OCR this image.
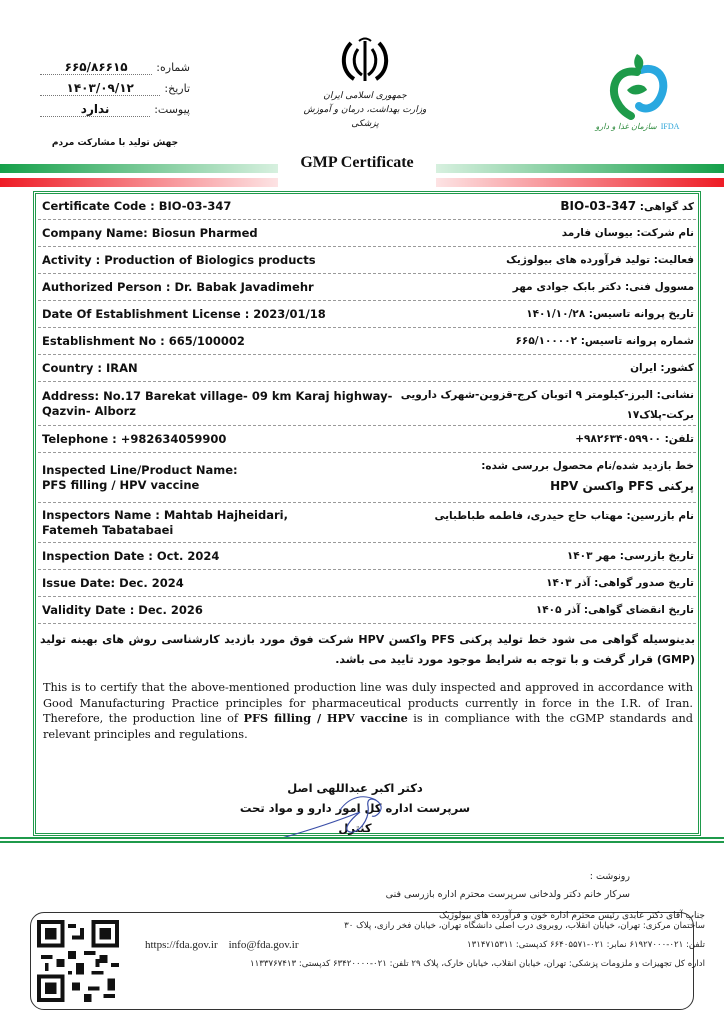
شماره:
۶۶۵/۸۶۶۱۵
تاریخ:
۱۴۰۳/۰۹/۱۲
پیوست:
ندارد
جهش تولید با مشارکت مردم
جمهوری اسلامی ایران
وزارت بهداشت، درمان و آموزش پزشکی	سازمان غذا و دارو IFDA
GMP Certificate
Certificate Code : BIO-03-347	کد گواهی: BIO-03-347
Company Name: Biosun Pharmed	نام شرکت: بیوسان فارمد
Activity : Production of Biologics products	فعالیت: تولید فرآورده های بیولوژیک
Authorized Person : Dr. Babak Javadimehr	مسوول فنی: دکتر بابک جوادی مهر
Date Of Establishment License : 2023/01/18	تاریخ پروانه تاسیس: ۱۴۰۱/۱۰/۲۸
Establishment No : 665/100002	شماره پروانه تاسیس: ۶۶۵/۱۰۰۰۰۲
Country : IRAN	کشور: ایران
Address: No.17 Barekat village- 09 km Karaj highway-
Qazvin- Alborz
نشانی: البرز-کیلومتر ۹ اتوبان کرج-قزوین-شهرک دارویی
برکت-پلاک۱۷
Telephone : +982634059900	تلفن: +۹۸۲۶۳۴۰۵۹۹۰۰
Inspected Line/Product Name:
PFS filling / HPV vaccine
خط بازدید شده/نام محصول بررسی شده:
پرکنی PFS واکسن HPV
Inspectors Name : Mahtab Hajheidari,
Fatemeh Tabatabaei
نام بازرسین: مهتاب حاج حیدری، فاطمه طباطبایی
Inspection Date : Oct. 2024	تاریخ بازرسی: مهر ۱۴۰۳
Issue Date: Dec. 2024	تاریخ صدور گواهی: آذر ۱۴۰۳
Validity Date : Dec. 2026	تاریخ انقضای گواهی: آذر ۱۴۰۵
بدینوسیله گواهی می شود خط تولید پرکنی PFS واکسن HPV شرکت فوق مورد بازدید کارشناسی روش های بهینه تولید (GMP) قرار گرفت و با توجه به شرایط موجود مورد تایید می باشد.
This is to certify that the above-mentioned production line was duly inspected and approved in accordance with Good Manufacturing Practice principles for pharmaceutical products currently in force in the I.R. of Iran. Therefore, the production line of PFS filling / HPV vaccine is in compliance with the cGMP standards and relevant principles and regulations.
دکتر اکبر عبداللهی اصل
سرپرست اداره کل امور دارو و مواد تحت کنترل
رونوشت :
سرکار خانم دکتر ولدخانی سرپرست محترم اداره بازرسی فنی
جناب آقای دکتر عابدی رئیس محترم اداره خون و فرآورده های بیولوژیک
ساختمان مرکزی: تهران، خیابان انقلاب، روبروی درب اصلی دانشگاه تهران، خیابان فخر رازی، پلاک ۳۰
تلفن: ۰۲۱-۶۱۹۲۷۰۰۰ نمابر: ۰۲۱-۶۶۴۰۵۵۷۱ کدپستی: ۱۳۱۴۷۱۵۳۱۱
https://fda.gov.ir info@fda.gov.ir
اداره کل تجهیزات و ملزومات پزشکی: تهران، خیابان انقلاب، خیابان خارک، پلاک ۲۹ تلفن: ۰۲۱-۶۳۴۲۰۰۰۰ کدپستی: ۱۱۳۳۷۶۷۴۱۳
